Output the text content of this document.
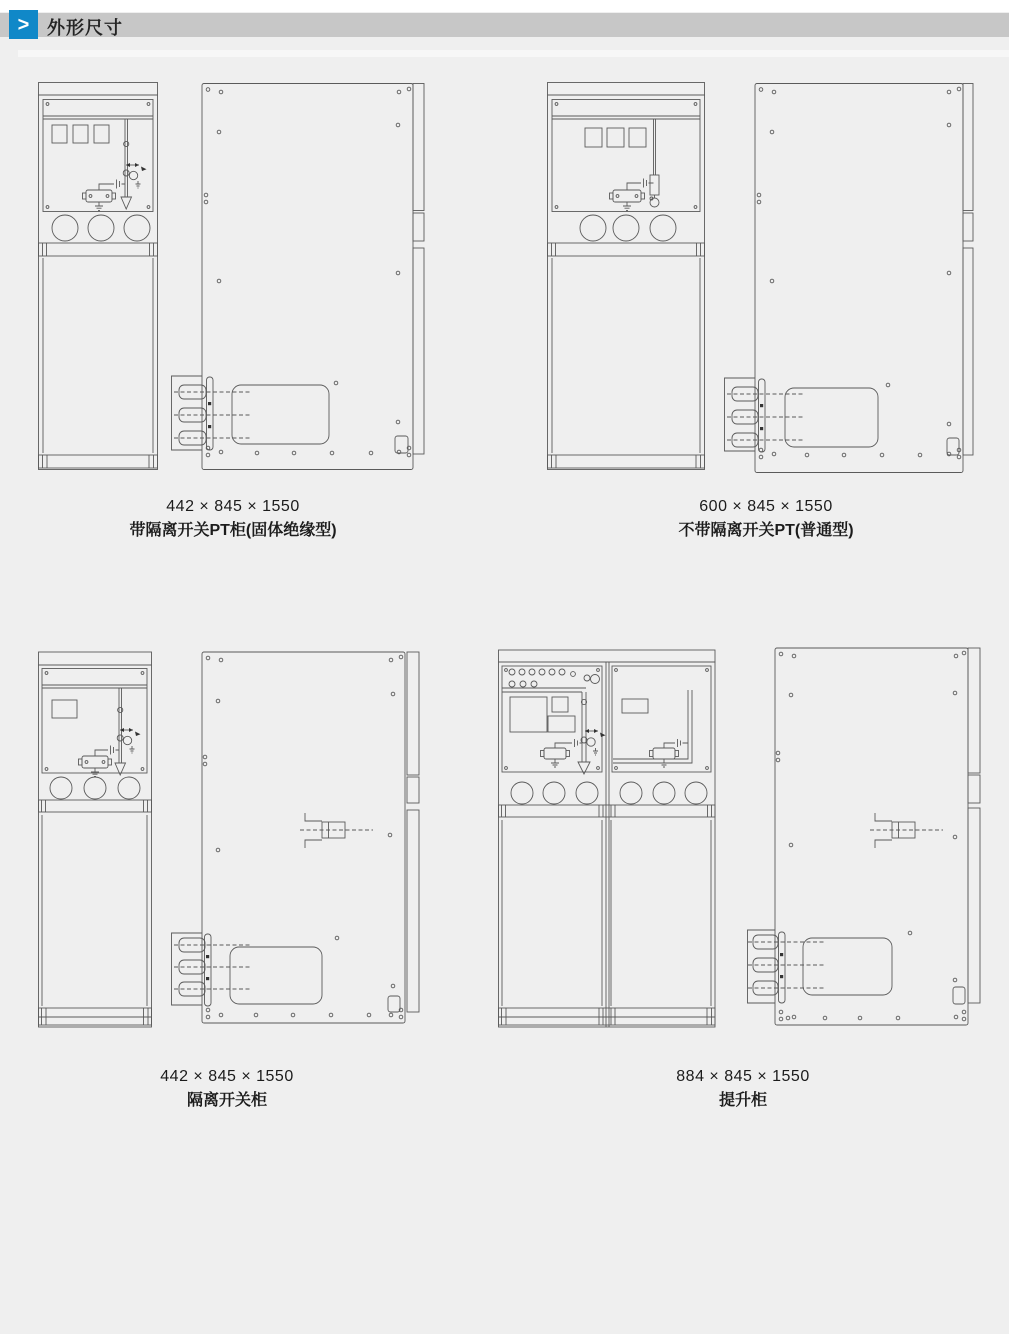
> 外形尺寸
442 × 845 × 1550
带隔离开关PT柜(固体绝缘型)
600 × 845 × 1550
不带隔离开关PT(普通型)
442 × 845 × 1550
隔离开关柜
884 × 845 × 1550
提升柜
